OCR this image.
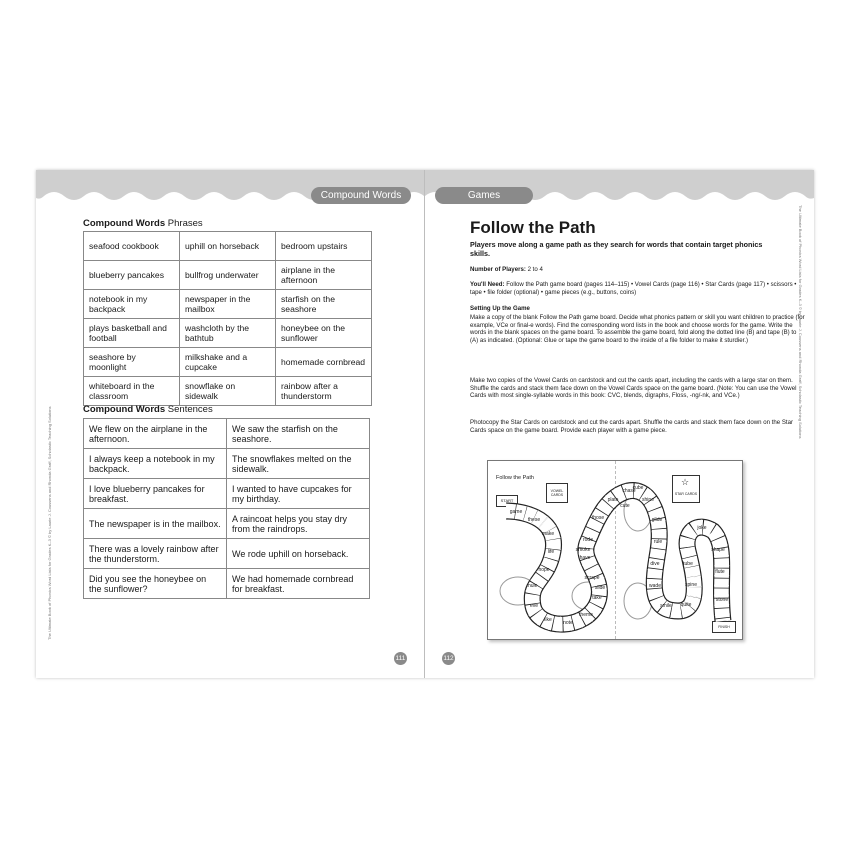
Compound Words
The Ultimate Book of Phonics Word Lists for Grades K–3 © by Laurie J. Coussens and Rhonda Graff, Scholastic Teaching Solutions
Compound Words Phrases
seafood cookbook	uphill on horseback	bedroom upstairs
blueberry pancakes	bullfrog underwater	airplane in the afternoon
notebook in my backpack	newspaper in the mailbox	starfish on the seashore
plays basketball and football	washcloth by the bathtub	honeybee on the sunflower
seashore by moonlight	milkshake and a cupcake	homemade cornbread
whiteboard in the classroom	snowflake on sidewalk	rainbow after a thunderstorm
Compound Words Sentences
We flew on the airplane in the afternoon.	We saw the starfish on the seashore.
I always keep a notebook in my backpack.	The snowflakes melted on the sidewalk.
I love blueberry pancakes for breakfast.	I wanted to have cupcakes for my birthday.
The newspaper is in the mailbox.	A raincoat helps you stay dry from the raindrops.
There was a lovely rainbow after the thunderstorm.	We rode uphill on horseback.
Did you see the honeybee on the sunflower?	We had homemade cornbread for breakfast.
111
Games
The Ultimate Book of Phonics Word Lists for Grades K–3 © by Laurie J. Coussens and Rhonda Graff, Scholastic Teaching Solutions
Follow the Path
Players move along a game path as they search for words that contain target phonics skills.
Number of Players: 2 to 4
You'll Need: Follow the Path game board (pages 114–115) • Vowel Cards (page 116) • Star Cards (page 117) • scissors • tape • file folder (optional) • game pieces (e.g., buttons, coins)
Setting Up the Game
Make a copy of the blank Follow the Path game board. Decide what phonics pattern or skill you want children to practice (for example, VCe or final-e words). Find the corresponding word lists in the book and choose words for the game. Write the words in the blank spaces on the game board. To assemble the game board, fold along the dotted line (B) and tape (B) to (A) as indicated. (Optional: Glue or tape the game board to the inside of a file folder to make it sturdier.)
Make two copies of the Vowel Cards on cardstock and cut the cards apart, including the cards with a large star on them. Shuffle the cards and stack them face down on the Vowel Cards space on the game board. (Note: You can use the Vowel Cards with most single-syllable words in this book: CVC, blends, digraphs, Floss, -ng/-nk, and VCe.)
Photocopy the Star Cards on cardstock and cut the cards apart. Shuffle the cards and stack them face down on the Star Cards space on the game board. Provide each player with a game piece.
Follow the Path
START
VOWEL CARDS	STAR CARDS
☆
FINISH
game
these
make
life
hope
mule
eve
like note
theme
take
scrape
have
rode
those
plate
chase
shine
glide
rule
dive
wade
smile quite
spine
tube
joke
shape
flute
stone
cube
slide
smoke
cute
112
